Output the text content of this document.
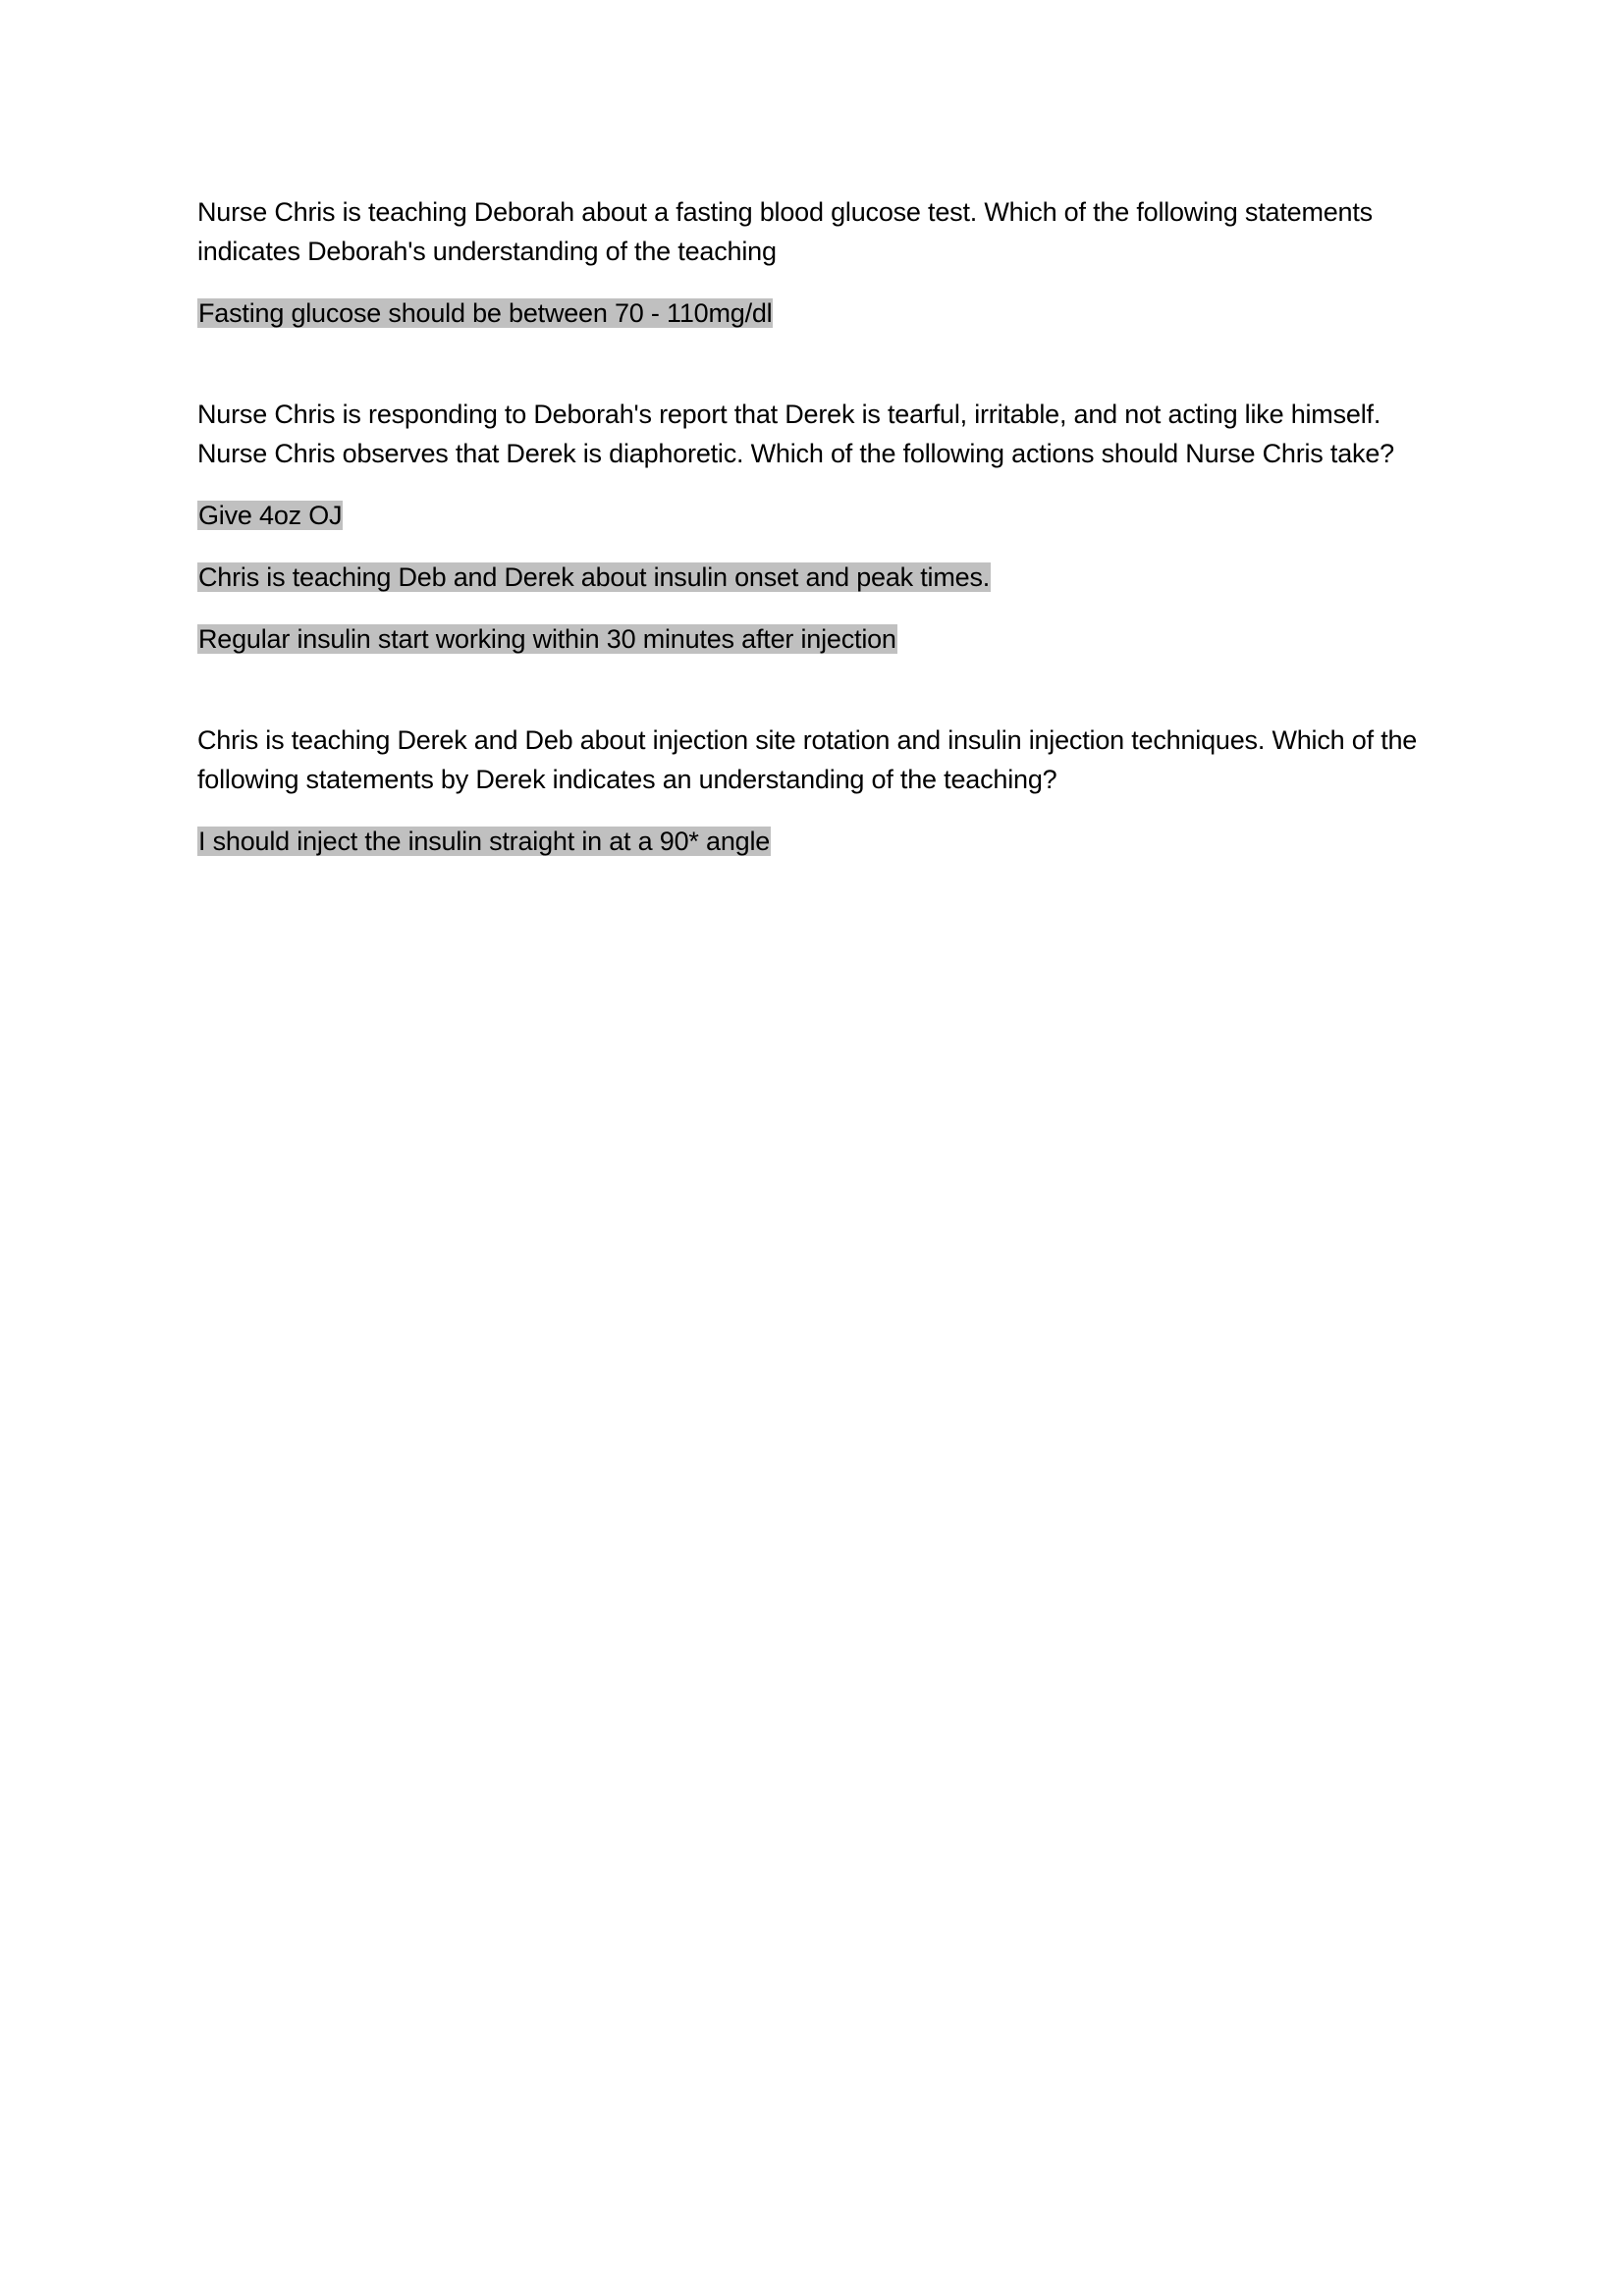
Nurse Chris is teaching Deborah about a fasting blood glucose test. Which of the following statements indicates Deborah's understanding of the teaching

Fasting glucose should be between 70 - 110mg/dl

Nurse Chris is responding to Deborah's report that Derek is tearful, irritable, and not acting like himself. Nurse Chris observes that Derek is diaphoretic. Which of the following actions should Nurse Chris take?

Give 4oz OJ

Chris is teaching Deb and Derek about insulin onset and peak times.

Regular insulin start working within 30 minutes after injection

Chris is teaching Derek and Deb about injection site rotation and insulin injection techniques. Which of the following statements by Derek indicates an understanding of the teaching?

I should inject the insulin straight in at a 90* angle
